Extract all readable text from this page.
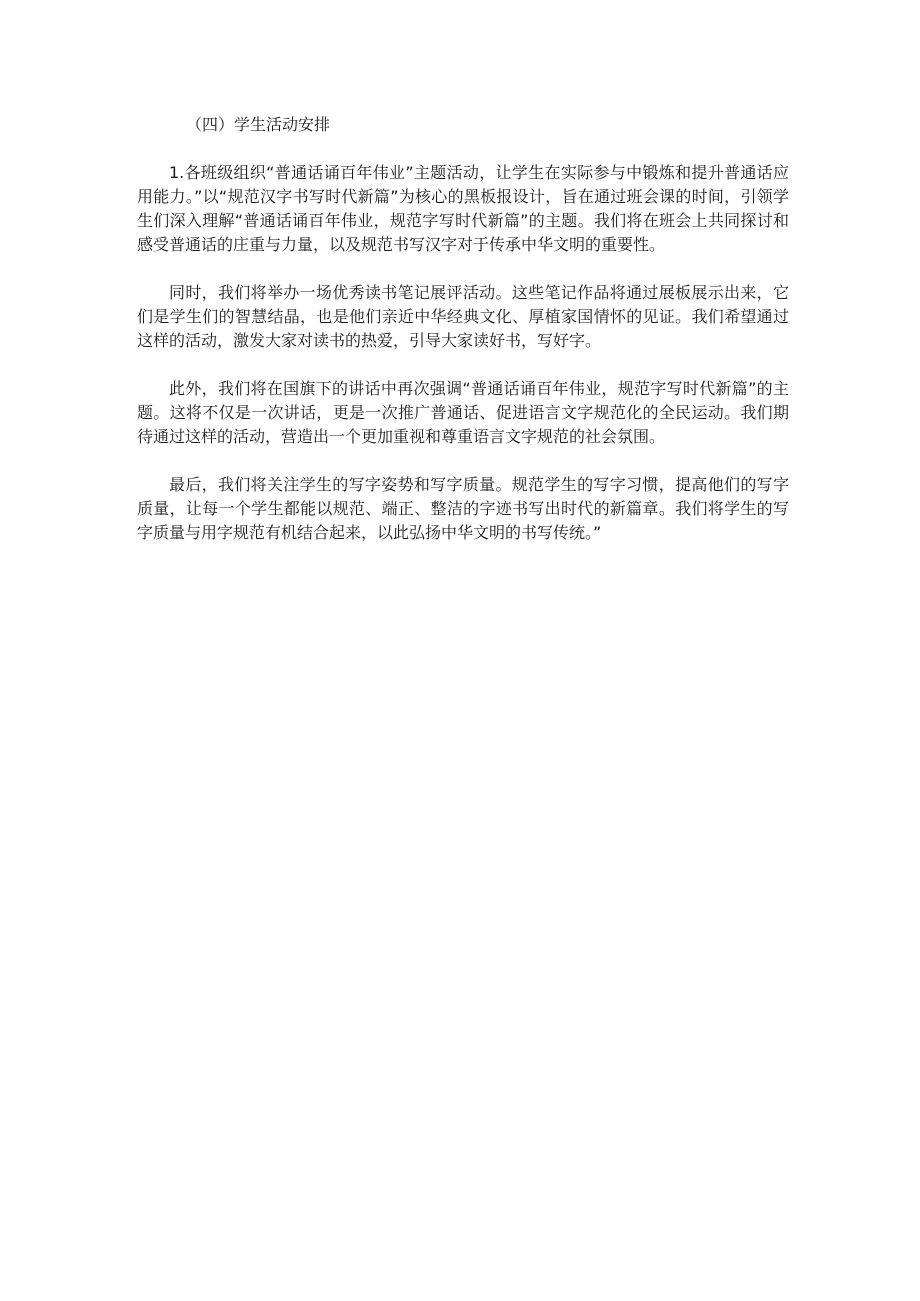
（四）学生活动安排

1.各班级组织“普通话诵百年伟业”主题活动，让学生在实际参与中锻炼和提升普通话应用能力。”以“规范汉字书写时代新篇”为核心的黑板报设计，旨在通过班会课的时间，引领学生们深入理解“普通话诵百年伟业，规范字写时代新篇”的主题。我们将在班会上共同探讨和感受普通话的庄重与力量，以及规范书写汉字对于传承中华文明的重要性。

同时，我们将举办一场优秀读书笔记展评活动。这些笔记作品将通过展板展示出来，它们是学生们的智慧结晶，也是他们亲近中华经典文化、厚植家国情怀的见证。我们希望通过这样的活动，激发大家对读书的热爱，引导大家读好书，写好字。

此外，我们将在国旗下的讲话中再次强调“普通话诵百年伟业，规范字写时代新篇”的主题。这将不仅是一次讲话，更是一次推广普通话、促进语言文字规范化的全民运动。我们期待通过这样的活动，营造出一个更加重视和尊重语言文字规范的社会氛围。

最后，我们将关注学生的写字姿势和写字质量。规范学生的写字习惯，提高他们的写字质量，让每一个学生都能以规范、端正、整洁的字迹书写出时代的新篇章。我们将学生的写字质量与用字规范有机结合起来，以此弘扬中华文明的书写传统。”
